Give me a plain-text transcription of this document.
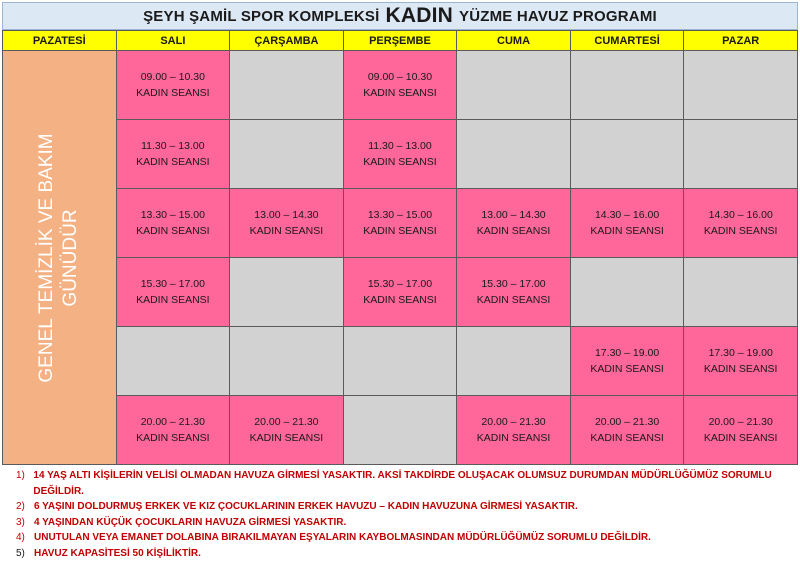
ŞEYH ŞAMİL SPOR KOMPLEKSİ KADIN YÜZME HAVUZ PROGRAMI
PAZATESİ	SALI	ÇARŞAMBA	PERŞEMBE	CUMA	CUMARTESİ	PAZAR

GENEL TEMİZLİK VE BAKIM GÜNÜDÜR	09.00 – 10.30
KADIN SEANSI		09.00 – 10.30
KADIN SEANSI			

	11.30 – 13.00
KADIN SEANSI		11.30 – 13.00
KADIN SEANSI			

	13.30 – 15.00
KADIN SEANSI	13.00 – 14.30
KADIN SEANSI	13.30 – 15.00
KADIN SEANSI	13.00 – 14.30
KADIN SEANSI	14.30 – 16.00
KADIN SEANSI	14.30 – 16.00
KADIN SEANSI

	15.30 – 17.00
KADIN SEANSI		15.30 – 17.00
KADIN SEANSI	15.30 – 17.00
KADIN SEANSI		

					17.30 – 19.00
KADIN SEANSI	17.30 – 19.00
KADIN SEANSI

	20.00 – 21.30
KADIN SEANSI	20.00 – 21.30
KADIN SEANSI		20.00 – 21.30
KADIN SEANSI	20.00 – 21.30
KADIN SEANSI	20.00 – 21.30
KADIN SEANSI
1) 14 YAŞ ALTI KİŞİLERİN VELİSİ OLMADAN HAVUZA GİRMESİ YASAKTIR. AKSİ TAKDİRDE OLUŞACAK OLUMSUZ DURUMDAN MÜDÜRLÜĞÜMÜZ SORUMLU DEĞİLDİR.
2) 6 YAŞINI DOLDURMUŞ ERKEK VE KIZ ÇOCUKLARININ ERKEK HAVUZU – KADIN HAVUZUNA GİRMESİ YASAKTIR.
3) 4 YAŞINDAN KÜÇÜK ÇOCUKLARIN HAVUZA GİRMESİ YASAKTIR.
4) UNUTULAN VEYA EMANET DOLABINA BIRAKILMAYAN EŞYALARIN KAYBOLMASINDAN MÜDÜRLÜĞÜMÜZ SORUMLU DEĞİLDİR.
5) HAVUZ KAPASİTESİ 50 KİŞİLİKTİR.
